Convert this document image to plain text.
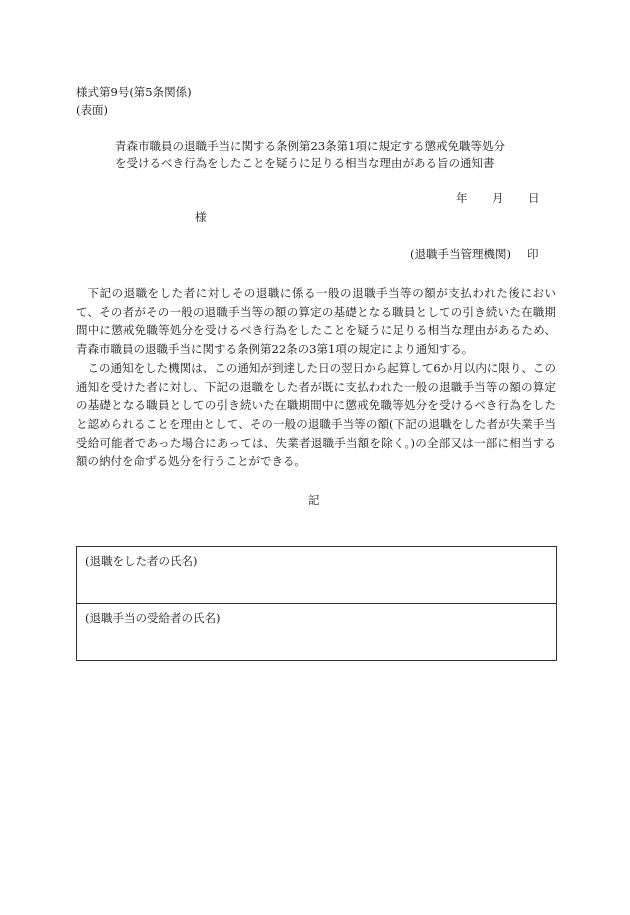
様式第9号(第5条関係)
(表面)
青森市職員の退職手当に関する条例第23条第1項に規定する懲戒免職等処分
を受けるべき行為をしたことを疑うに足りる相当な理由がある旨の通知書
年 月 日
様
(退職手当管理機関) 印

下記の退職をした者に対しその退職に係る一般の退職手当等の額が支払われた後において、その者がその一般の退職手当等の額の算定の基礎となる職員としての引き続いた在職期間中に懲戒免職等処分を受けるべき行為をしたことを疑うに足りる相当な理由があるため、青森市職員の退職手当に関する条例第22条の3第1項の規定により通知する。

この通知をした機関は、この通知が到達した日の翌日から起算して6か月以内に限り、この通知を受けた者に対し、下記の退職をした者が既に支払われた一般の退職手当等の額の算定の基礎となる職員としての引き続いた在職期間中に懲戒免職等処分を受けるべき行為をしたと認められることを理由として、その一般の退職手当等の額(下記の退職をした者が失業手当受給可能者であった場合にあっては、失業者退職手当額を除く。)の全部又は一部に相当する額の納付を命ずる処分を行うことができる。

記
(退職をした者の氏名)
(退職手当の受給者の氏名)
